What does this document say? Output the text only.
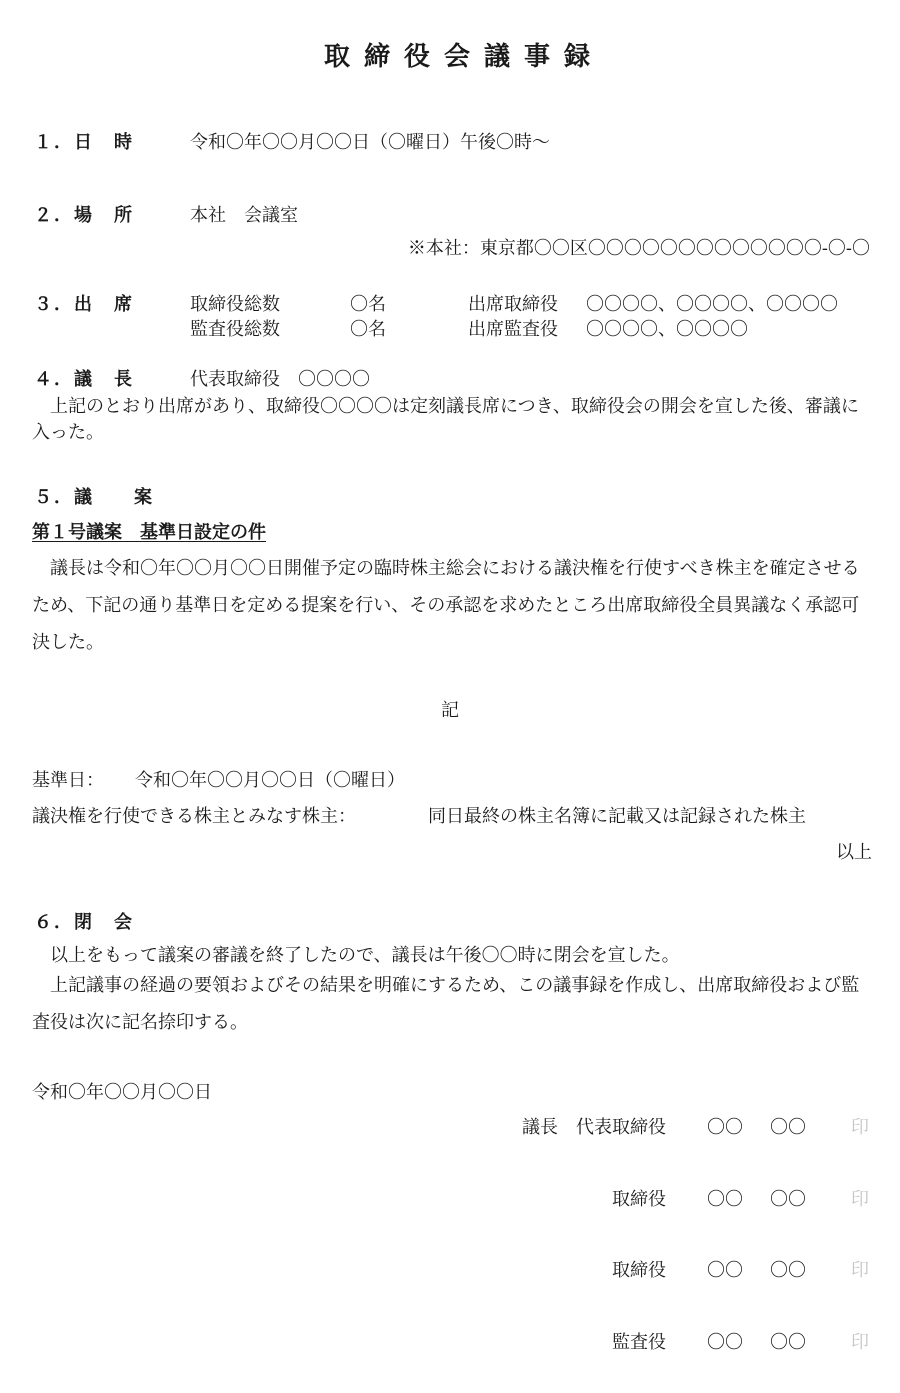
取締役会議事録
１．日　時	令和〇年〇〇月〇〇日（〇曜日）午後〇時～
２．場　所	本社　会議室
※本社：東京都〇〇区〇〇〇〇〇〇〇〇〇〇〇〇〇-〇-〇
３．出　席	取締役総数	〇名	出席取締役 〇〇〇〇、〇〇〇〇、〇〇〇〇
監査役総数	〇名	出席監査役 〇〇〇〇、〇〇〇〇
４．議　長	代表取締役　〇〇〇〇
上記のとおり出席があり、取締役〇〇〇〇は定刻議長席につき、取締役会の開会を宣した後、審議に入った。
５．議　　案
第１号議案　基準日設定の件
議長は令和〇年〇〇月〇〇日開催予定の臨時株主総会における議決権を行使すべき株主を確定させるため、下記の通り基準日を定める提案を行い、その承認を求めたところ出席取締役全員異議なく承認可決した。
記
基準日： 令和〇年〇〇月〇〇日（〇曜日）
議決権を行使できる株主とみなす株主：	同日最終の株主名簿に記載又は記録された株主
以上
６．閉　会
以上をもって議案の審議を終了したので、議長は午後〇〇時に閉会を宣した。
上記議事の経過の要領およびその結果を明確にするため、この議事録を作成し、出席取締役および監査役は次に記名捺印する。
令和〇年〇〇月〇〇日
議長　代表取締役 〇〇 〇〇	印
取締役 〇〇 〇〇	印
取締役 〇〇 〇〇	印
監査役 〇〇 〇〇	印
